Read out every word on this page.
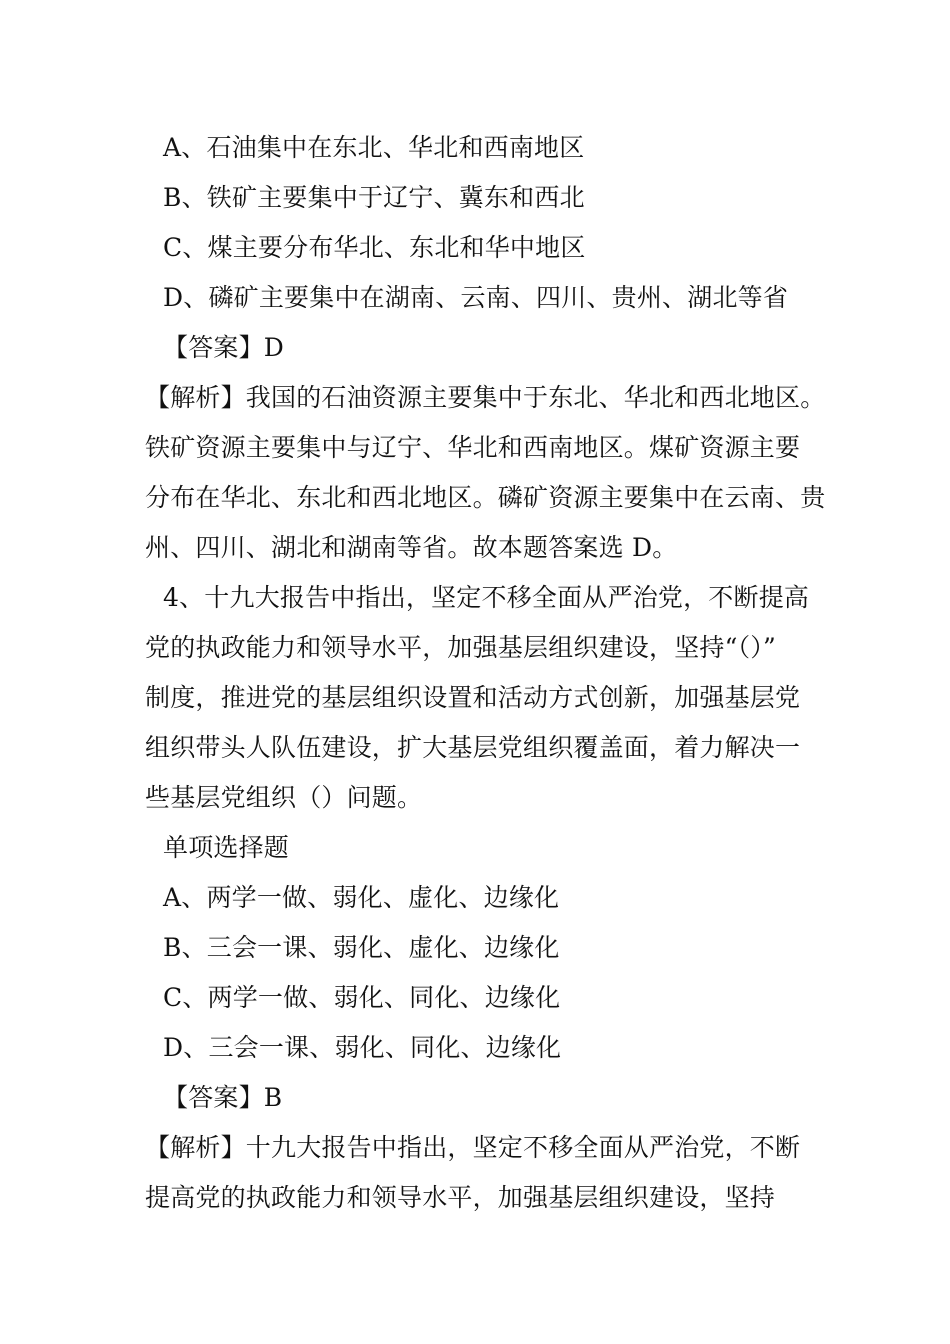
A、石油集中在东北、华北和西南地区
B、铁矿主要集中于辽宁、冀东和西北
C、煤主要分布华北、东北和华中地区
D、磷矿主要集中在湖南、云南、四川、贵州、湖北等省
【答案】D
【解析】我国的石油资源主要集中于东北、华北和西北地区。
铁矿资源主要集中与辽宁、华北和西南地区。煤矿资源主要
分布在华北、东北和西北地区。磷矿资源主要集中在云南、贵
州、四川、湖北和湖南等省。故本题答案选 D。
4、十九大报告中指出，坚定不移全面从严治党，不断提高
党的执政能力和领导水平，加强基层组织建设，坚持“（）”
制度，推进党的基层组织设置和活动方式创新，加强基层党
组织带头人队伍建设，扩大基层党组织覆盖面，着力解决一
些基层党组织（）问题。
单项选择题
A、两学一做、弱化、虚化、边缘化
B、三会一课、弱化、虚化、边缘化
C、两学一做、弱化、同化、边缘化
D、三会一课、弱化、同化、边缘化
【答案】B
【解析】十九大报告中指出，坚定不移全面从严治党，不断
提高党的执政能力和领导水平，加强基层组织建设，坚持
